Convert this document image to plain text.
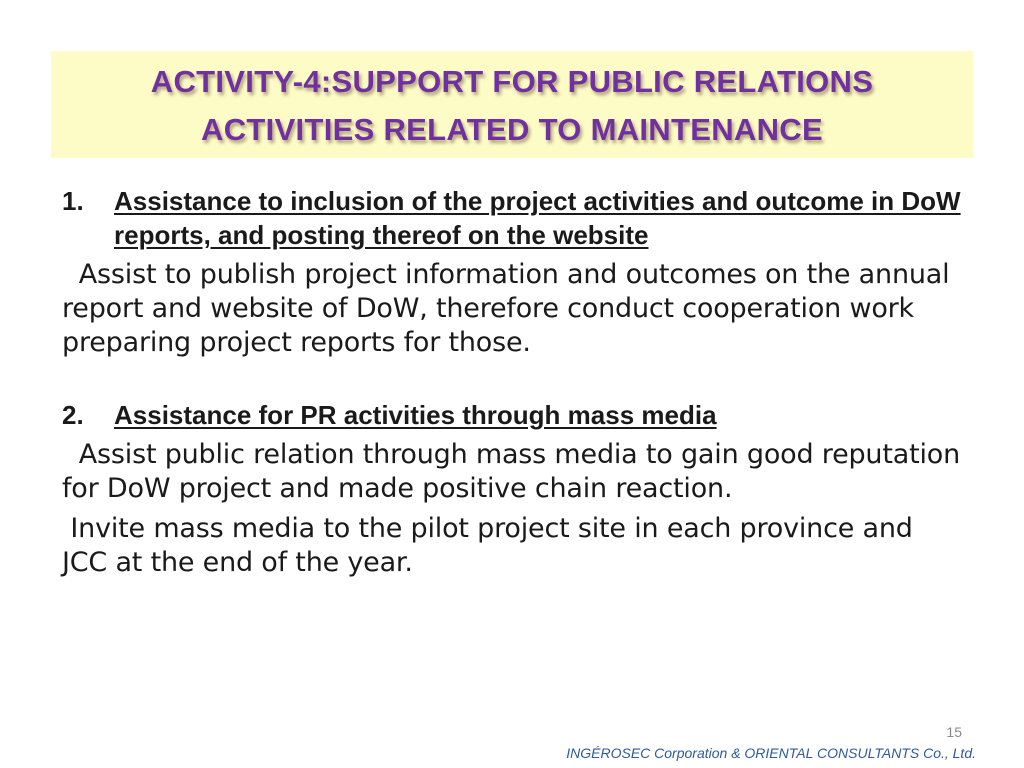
ACTIVITY-4:SUPPORT FOR PUBLIC RELATIONS
ACTIVITIES RELATED TO MAINTENANCE
1. Assistance to inclusion of the project activities and outcome in DoW reports, and posting thereof on the website

Assist to publish project information and outcomes on the annual report and website of DoW, therefore conduct cooperation work preparing project reports for those.

2. Assistance for PR activities through mass media

Assist public relation through mass media to gain good reputation for DoW project and made positive chain reaction.

Invite mass media to the pilot project site in each province and JCC at the end of the year.

15
INGÉROSEC Corporation & ORIENTAL CONSULTANTS Co., Ltd.
